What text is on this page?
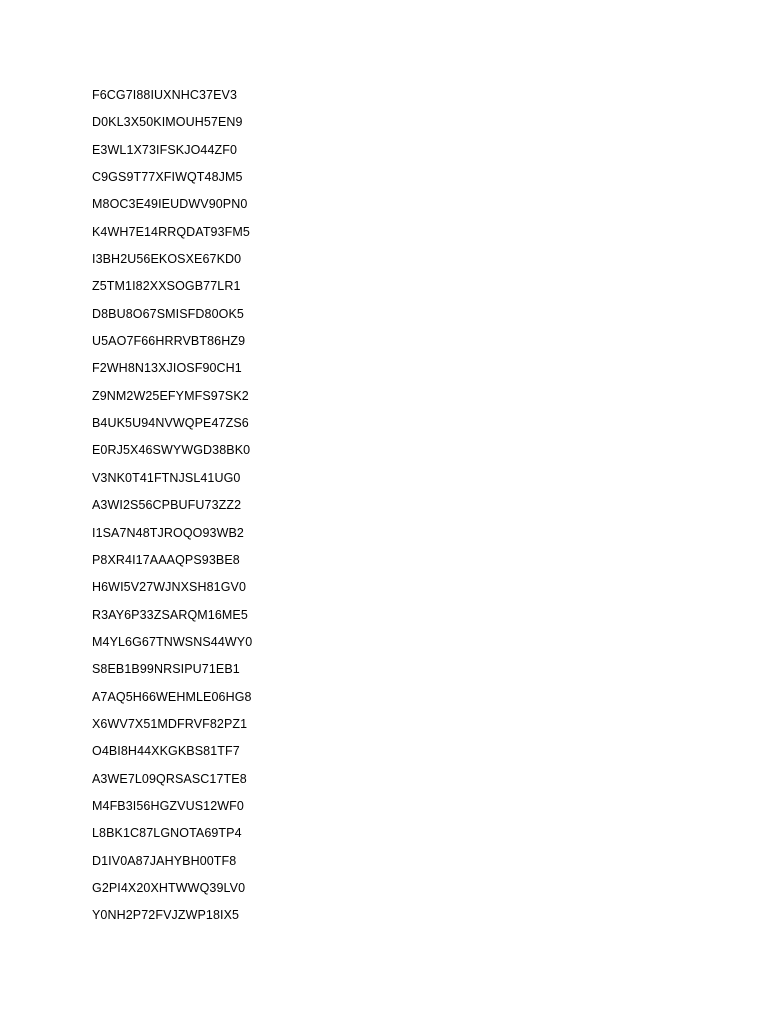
F6CG7I88IUXNHC37EV3
D0KL3X50KIMOUH57EN9
E3WL1X73IFSKJO44ZF0
C9GS9T77XFIWQT48JM5
M8OC3E49IEUDWV90PN0
K4WH7E14RRQDAT93FM5
I3BH2U56EKOSXE67KD0
Z5TM1I82XXSOGB77LR1
D8BU8O67SMISFD80OK5
U5AO7F66HRRVBT86HZ9
F2WH8N13XJIOSF90CH1
Z9NM2W25EFYMFS97SK2
B4UK5U94NVWQPE47ZS6
E0RJ5X46SWYWGD38BK0
V3NK0T41FTNJSL41UG0
A3WI2S56CPBUFU73ZZ2
I1SA7N48TJROQO93WB2
P8XR4I17AAAQPS93BE8
H6WI5V27WJNXSH81GV0
R3AY6P33ZSARQM16ME5
M4YL6G67TNWSNS44WY0
S8EB1B99NRSIPU71EB1
A7AQ5H66WEHMLE06HG8
X6WV7X51MDFRVF82PZ1
O4BI8H44XKGKBS81TF7
A3WE7L09QRSASC17TE8
M4FB3I56HGZVUS12WF0
L8BK1C87LGNOTA69TP4
D1IV0A87JAHYBH00TF8
G2PI4X20XHTWWQ39LV0
Y0NH2P72FVJZWP18IX5
